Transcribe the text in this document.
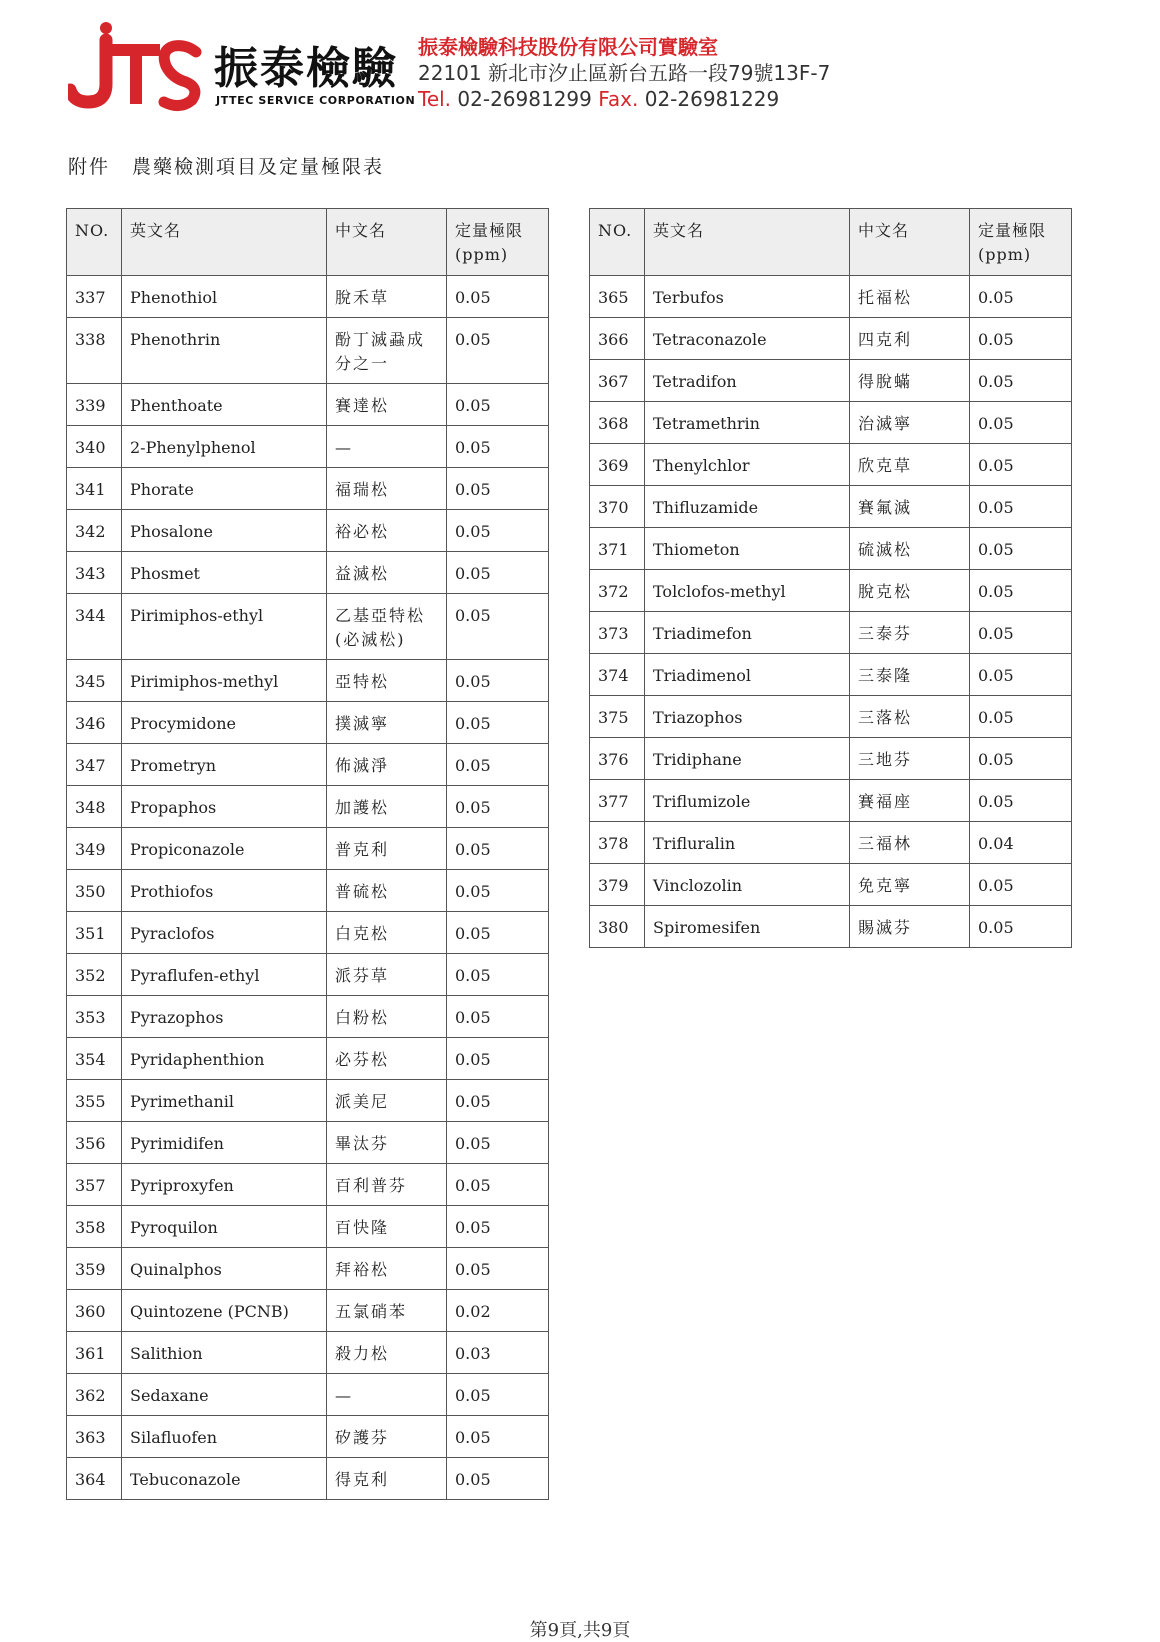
振泰檢驗
JTTEC SERVICE CORPORATION
振泰檢驗科技股份有限公司實驗室
22101 新北市汐止區新台五路一段79號13F-7
Tel. 02-26981299 Fax. 02-26981229
附件 農藥檢測項目及定量極限表
NO.	英文名	中文名	定量極限
(ppm)
337	Phenothiol	脫禾草	0.05
338	Phenothrin	酚丁滅蝨成分之一	0.05
339	Phenthoate	賽達松	0.05
340	2-Phenylphenol	—	0.05
341	Phorate	福瑞松	0.05
342	Phosalone	裕必松	0.05
343	Phosmet	益滅松	0.05
344	Pirimiphos-ethyl	乙基亞特松(必滅松)	0.05
345	Pirimiphos-methyl	亞特松	0.05
346	Procymidone	撲滅寧	0.05
347	Prometryn	佈滅淨	0.05
348	Propaphos	加護松	0.05
349	Propiconazole	普克利	0.05
350	Prothiofos	普硫松	0.05
351	Pyraclofos	白克松	0.05
352	Pyraflufen-ethyl	派芬草	0.05
353	Pyrazophos	白粉松	0.05
354	Pyridaphenthion	必芬松	0.05
355	Pyrimethanil	派美尼	0.05
356	Pyrimidifen	畢汰芬	0.05
357	Pyriproxyfen	百利普芬	0.05
358	Pyroquilon	百快隆	0.05
359	Quinalphos	拜裕松	0.05
360	Quintozene (PCNB)	五氯硝苯	0.02
361	Salithion	殺力松	0.03
362	Sedaxane	—	0.05
363	Silafluofen	矽護芬	0.05
364	Tebuconazole	得克利	0.05
NO.	英文名	中文名	定量極限
(ppm)
365	Terbufos	托福松	0.05
366	Tetraconazole	四克利	0.05
367	Tetradifon	得脫蟎	0.05
368	Tetramethrin	治滅寧	0.05
369	Thenylchlor	欣克草	0.05
370	Thifluzamide	賽氟滅	0.05
371	Thiometon	硫滅松	0.05
372	Tolclofos-methyl	脫克松	0.05
373	Triadimefon	三泰芬	0.05
374	Triadimenol	三泰隆	0.05
375	Triazophos	三落松	0.05
376	Tridiphane	三地芬	0.05
377	Triflumizole	賽福座	0.05
378	Trifluralin	三福林	0.04
379	Vinclozolin	免克寧	0.05
380	Spiromesifen	賜滅芬	0.05
第9頁,共9頁
